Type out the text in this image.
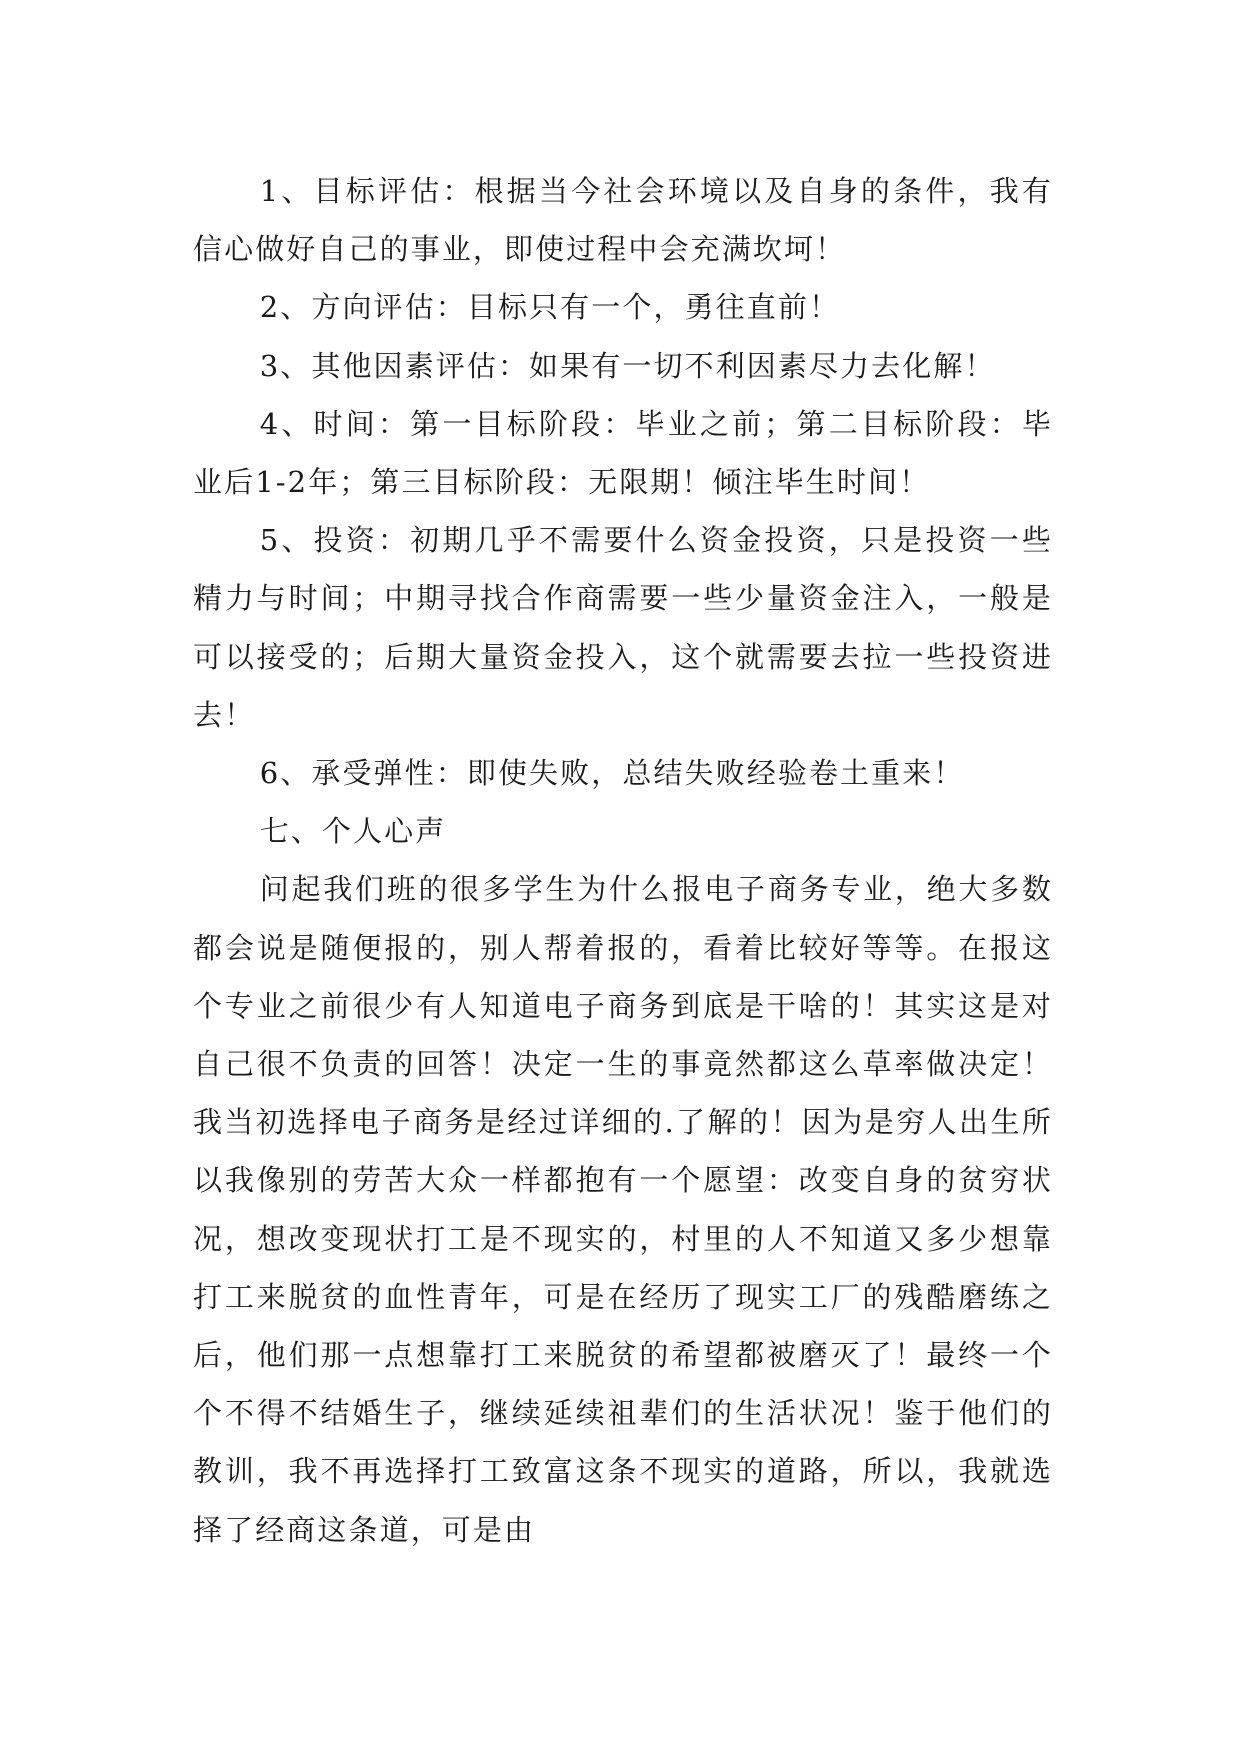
1、目标评估：根据当今社会环境以及自身的条件，我有信心做好自己的事业，即使过程中会充满坎坷！

2、方向评估：目标只有一个，勇往直前！

3、其他因素评估：如果有一切不利因素尽力去化解！

4、时间：第一目标阶段：毕业之前；第二目标阶段：毕业后1-2年；第三目标阶段：无限期！倾注毕生时间！

5、投资：初期几乎不需要什么资金投资，只是投资一些精力与时间；中期寻找合作商需要一些少量资金注入，一般是可以接受的；后期大量资金投入，这个就需要去拉一些投资进去！

6、承受弹性：即使失败，总结失败经验卷土重来！

七、个人心声

问起我们班的很多学生为什么报电子商务专业，绝大多数都会说是随便报的，别人帮着报的，看着比较好等等。在报这个专业之前很少有人知道电子商务到底是干啥的！其实这是对自己很不负责的回答！决定一生的事竟然都这么草率做决定！我当初选择电子商务是经过详细的.了解的！因为是穷人出生所以我像别的劳苦大众一样都抱有一个愿望：改变自身的贫穷状况，想改变现状打工是不现实的，村里的人不知道又多少想靠打工来脱贫的血性青年，可是在经历了现实工厂的残酷磨练之后，他们那一点想靠打工来脱贫的希望都被磨灭了！最终一个个不得不结婚生子，继续延续祖辈们的生活状况！鉴于他们的教训，我不再选择打工致富这条不现实的道路，所以，我就选择了经商这条道，可是由
